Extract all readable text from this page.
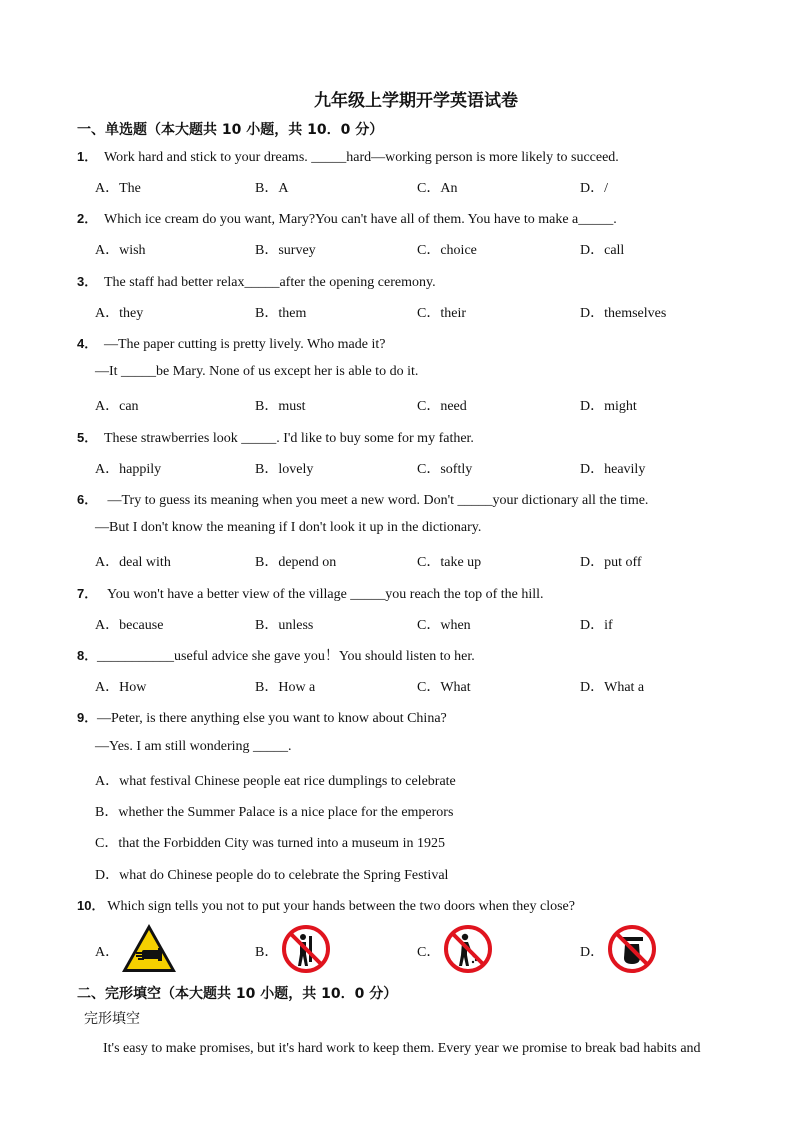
九年级上学期开学英语试卷
一、单选题（本大题共 10 小题，共 10．0 分）
1． Work hard and stick to your dreams. _____hard—working person is more likely to succeed.
A．The	B．A	C．An	D．/
2． Which ice cream do you want, Mary?You can't have all of them. You have to make a_____.
A．wish	B．survey	C．choice	D．call
3． The staff had better relax_____after the opening ceremony.
A．they	B．them	C．their	D．themselves
4． —The paper cutting is pretty lively. Who made it?
—It _____be Mary. None of us except her is able to do it.
A．can	B．must	C．need	D．might
5． These strawberries look _____. I'd like to buy some for my father.
A．happily	B．lovely	C．softly	D．heavily
6． —Try to guess its meaning when you meet a new word. Don't _____your dictionary all the time.
—But I don't know the meaning if I don't look it up in the dictionary.
A．deal with	B．depend on	C．take up	D．put off
7． You won't have a better view of the village _____you reach the top of the hill.
A．because	B．unless	C．when	D．if
8．___________useful advice she gave you！You should listen to her.
A．How	B．How a	C．What	D．What a
9．—Peter, is there anything else you want to know about China?
—Yes. I am still wondering _____.
A．what festival Chinese people eat rice dumplings to celebrate
B．whether the Summer Palace is a nice place for the emperors
C．that the Forbidden City was turned into a museum in 1925
D．what do Chinese people do to celebrate the Spring Festival
10． Which sign tells you not to put your hands between the two doors when they close?
A．	B．	C．	D．
二、完形填空（本大题共 10 小题，共 10．0 分）
完形填空
It's easy to make promises, but it's hard work to keep them. Every year we promise to break bad habits and
